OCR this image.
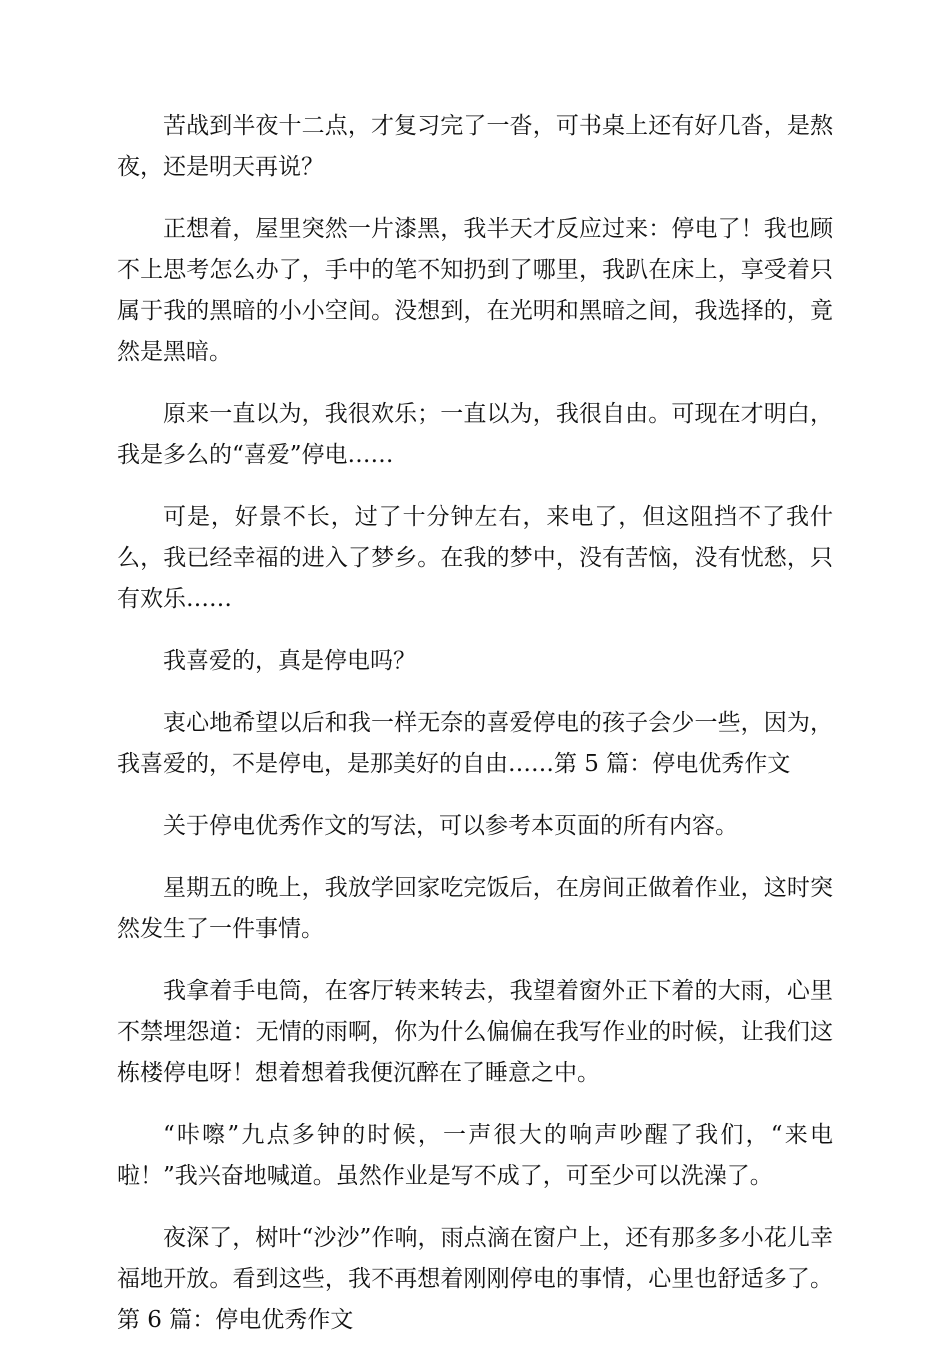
苦战到半夜十二点，才复习完了一沓，可书桌上还有好几沓，是熬夜，还是明天再说？

正想着，屋里突然一片漆黑，我半天才反应过来：停电了！我也顾不上思考怎么办了，手中的笔不知扔到了哪里，我趴在床上，享受着只属于我的黑暗的小小空间。没想到，在光明和黑暗之间，我选择的，竟然是黑暗。

原来一直以为，我很欢乐；一直以为，我很自由。可现在才明白，我是多么的“喜爱”停电……

可是，好景不长，过了十分钟左右，来电了，但这阻挡不了我什么，我已经幸福的进入了梦乡。在我的梦中，没有苦恼，没有忧愁，只有欢乐……

我喜爱的，真是停电吗？

衷心地希望以后和我一样无奈的喜爱停电的孩子会少一些，因为，我喜爱的，不是停电，是那美好的自由……第 5 篇：停电优秀作文

关于停电优秀作文的写法，可以参考本页面的所有内容。

星期五的晚上，我放学回家吃完饭后，在房间正做着作业，这时突然发生了一件事情。

我拿着手电筒，在客厅转来转去，我望着窗外正下着的大雨，心里不禁埋怨道：无情的雨啊，你为什么偏偏在我写作业的时候，让我们这栋楼停电呀！想着想着我便沉醉在了睡意之中。

“咔嚓”九点多钟的时候，一声很大的响声吵醒了我们，“来电啦！”我兴奋地喊道。虽然作业是写不成了，可至少可以洗澡了。

夜深了，树叶“沙沙”作响，雨点滴在窗户上，还有那多多小花儿幸福地开放。看到这些，我不再想着刚刚停电的事情，心里也舒适多了。第 6 篇：停电优秀作文
